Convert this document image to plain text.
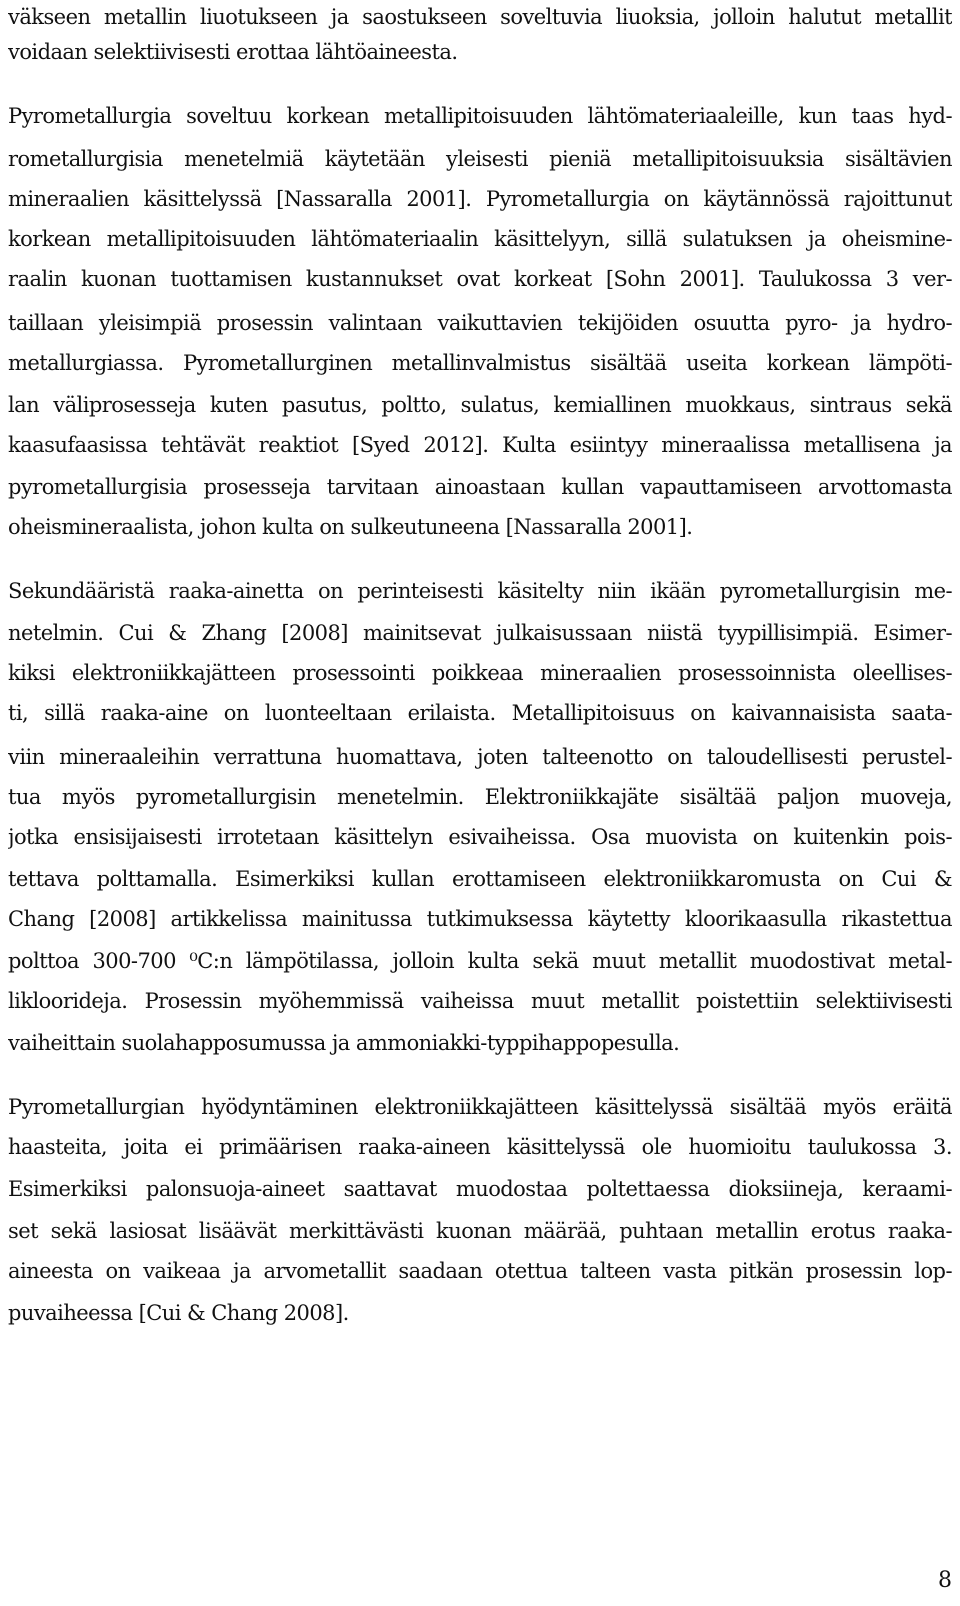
väkseen metallin liuotukseen ja saostukseen soveltuvia liuoksia, jolloin halutut metallit
voidaan selektiivisesti erottaa lähtöaineesta.
Pyrometallurgia soveltuu korkean metallipitoisuuden lähtömateriaaleille, kun taas hyd-
rometallurgisia menetelmiä käytetään yleisesti pieniä metallipitoisuuksia sisältävien
mineraalien käsittelyssä [Nassaralla 2001]. Pyrometallurgia on käytännössä rajoittunut
korkean metallipitoisuuden lähtömateriaalin käsittelyyn, sillä sulatuksen ja oheismine-
raalin kuonan tuottamisen kustannukset ovat korkeat [Sohn 2001]. Taulukossa 3 ver-
taillaan yleisimpiä prosessin valintaan vaikuttavien tekijöiden osuutta pyro- ja hydro-
metallurgiassa. Pyrometallurginen metallinvalmistus sisältää useita korkean lämpöti-
lan väliprosesseja kuten pasutus, poltto, sulatus, kemiallinen muokkaus, sintraus sekä
kaasufaasissa tehtävät reaktiot [Syed 2012]. Kulta esiintyy mineraalissa metallisena ja
pyrometallurgisia prosesseja tarvitaan ainoastaan kullan vapauttamiseen arvottomasta
oheismineraalista, johon kulta on sulkeutuneena [Nassaralla 2001].
Sekundääristä raaka-ainetta on perinteisesti käsitelty niin ikään pyrometallurgisin me-
netelmin. Cui & Zhang [2008] mainitsevat julkaisussaan niistä tyypillisimpiä. Esimer-
kiksi elektroniikkajätteen prosessointi poikkeaa mineraalien prosessoinnista oleellises-
ti, sillä raaka-aine on luonteeltaan erilaista. Metallipitoisuus on kaivannaisista saata-
viin mineraaleihin verrattuna huomattava, joten talteenotto on taloudellisesti perustel-
tua myös pyrometallurgisin menetelmin. Elektroniikkajäte sisältää paljon muoveja,
jotka ensisijaisesti irrotetaan käsittelyn esivaiheissa. Osa muovista on kuitenkin pois-
tettava polttamalla. Esimerkiksi kullan erottamiseen elektroniikkaromusta on Cui &
Chang [2008] artikkelissa mainitussa tutkimuksessa käytetty kloorikaasulla rikastettua
polttoa 300-700 ⁰C:n lämpötilassa, jolloin kulta sekä muut metallit muodostivat metal-
likloorideja. Prosessin myöhemmissä vaiheissa muut metallit poistettiin selektiivisesti
vaiheittain suolahapposumussa ja ammoniakki-typpihappopesulla.
Pyrometallurgian hyödyntäminen elektroniikkajätteen käsittelyssä sisältää myös eräitä
haasteita, joita ei primäärisen raaka-aineen käsittelyssä ole huomioitu taulukossa 3.
Esimerkiksi palonsuoja-aineet saattavat muodostaa poltettaessa dioksiineja, keraami-
set sekä lasiosat lisäävät merkittävästi kuonan määrää, puhtaan metallin erotus raaka-
aineesta on vaikeaa ja arvometallit saadaan otettua talteen vasta pitkän prosessin lop-
puvaiheessa [Cui & Chang 2008].
8
